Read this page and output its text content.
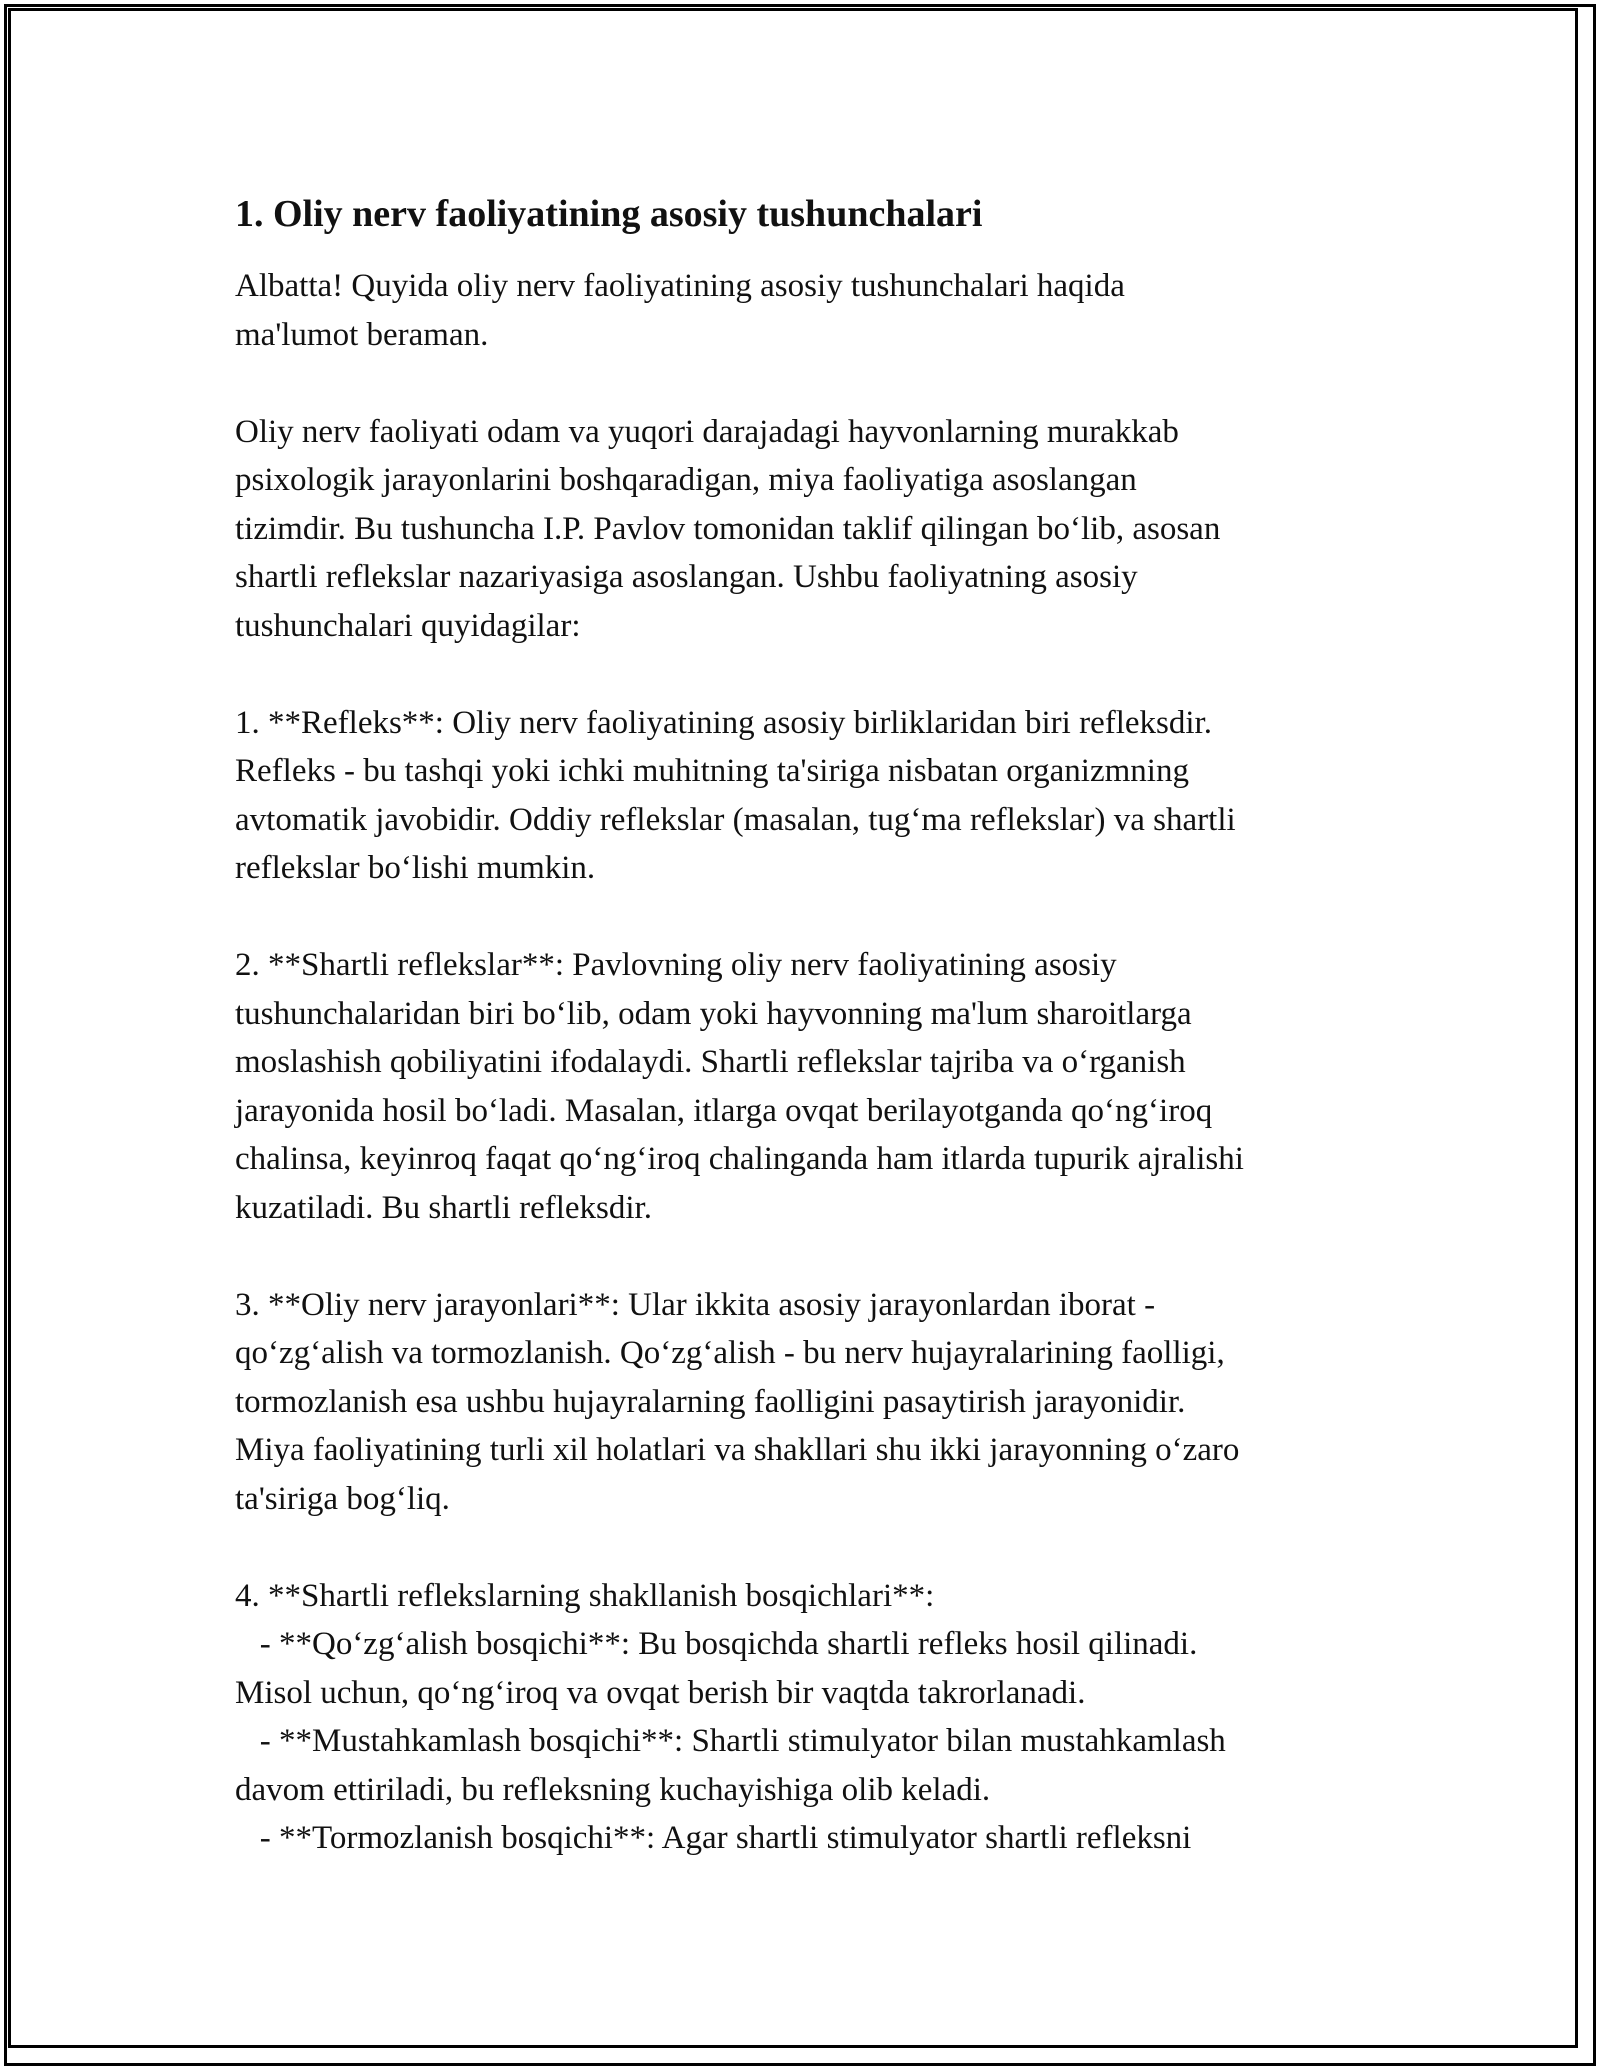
1. Oliy nerv faoliyatining asosiy tushunchalari
Albatta! Quyida oliy nerv faoliyatining asosiy tushunchalari haqida
ma'lumot beraman.
Oliy nerv faoliyati odam va yuqori darajadagi hayvonlarning murakkab
psixologik jarayonlarini boshqaradigan, miya faoliyatiga asoslangan
tizimdir. Bu tushuncha I.P. Pavlov tomonidan taklif qilingan bo‘lib, asosan
shartli reflekslar nazariyasiga asoslangan. Ushbu faoliyatning asosiy
tushunchalari quyidagilar:
1. **Refleks**: Oliy nerv faoliyatining asosiy birliklaridan biri refleksdir.
Refleks - bu tashqi yoki ichki muhitning ta'siriga nisbatan organizmning
avtomatik javobidir. Oddiy reflekslar (masalan, tug‘ma reflekslar) va shartli
reflekslar bo‘lishi mumkin.
2. **Shartli reflekslar**: Pavlovning oliy nerv faoliyatining asosiy
tushunchalaridan biri bo‘lib, odam yoki hayvonning ma'lum sharoitlarga
moslashish qobiliyatini ifodalaydi. Shartli reflekslar tajriba va o‘rganish
jarayonida hosil bo‘ladi. Masalan, itlarga ovqat berilayotganda qo‘ng‘iroq
chalinsa, keyinroq faqat qo‘ng‘iroq chalinganda ham itlarda tupurik ajralishi
kuzatiladi. Bu shartli refleksdir.
3. **Oliy nerv jarayonlari**: Ular ikkita asosiy jarayonlardan iborat -
qo‘zg‘alish va tormozlanish. Qo‘zg‘alish - bu nerv hujayralarining faolligi,
tormozlanish esa ushbu hujayralarning faolligini pasaytirish jarayonidir.
Miya faoliyatining turli xil holatlari va shakllari shu ikki jarayonning o‘zaro
ta'siriga bog‘liq.
4. **Shartli reflekslarning shakllanish bosqichlari**:
- **Qo‘zg‘alish bosqichi**: Bu bosqichda shartli refleks hosil qilinadi.
Misol uchun, qo‘ng‘iroq va ovqat berish bir vaqtda takrorlanadi.
- **Mustahkamlash bosqichi**: Shartli stimulyator bilan mustahkamlash
davom ettiriladi, bu refleksning kuchayishiga olib keladi.
- **Tormozlanish bosqichi**: Agar shartli stimulyator shartli refleksni
